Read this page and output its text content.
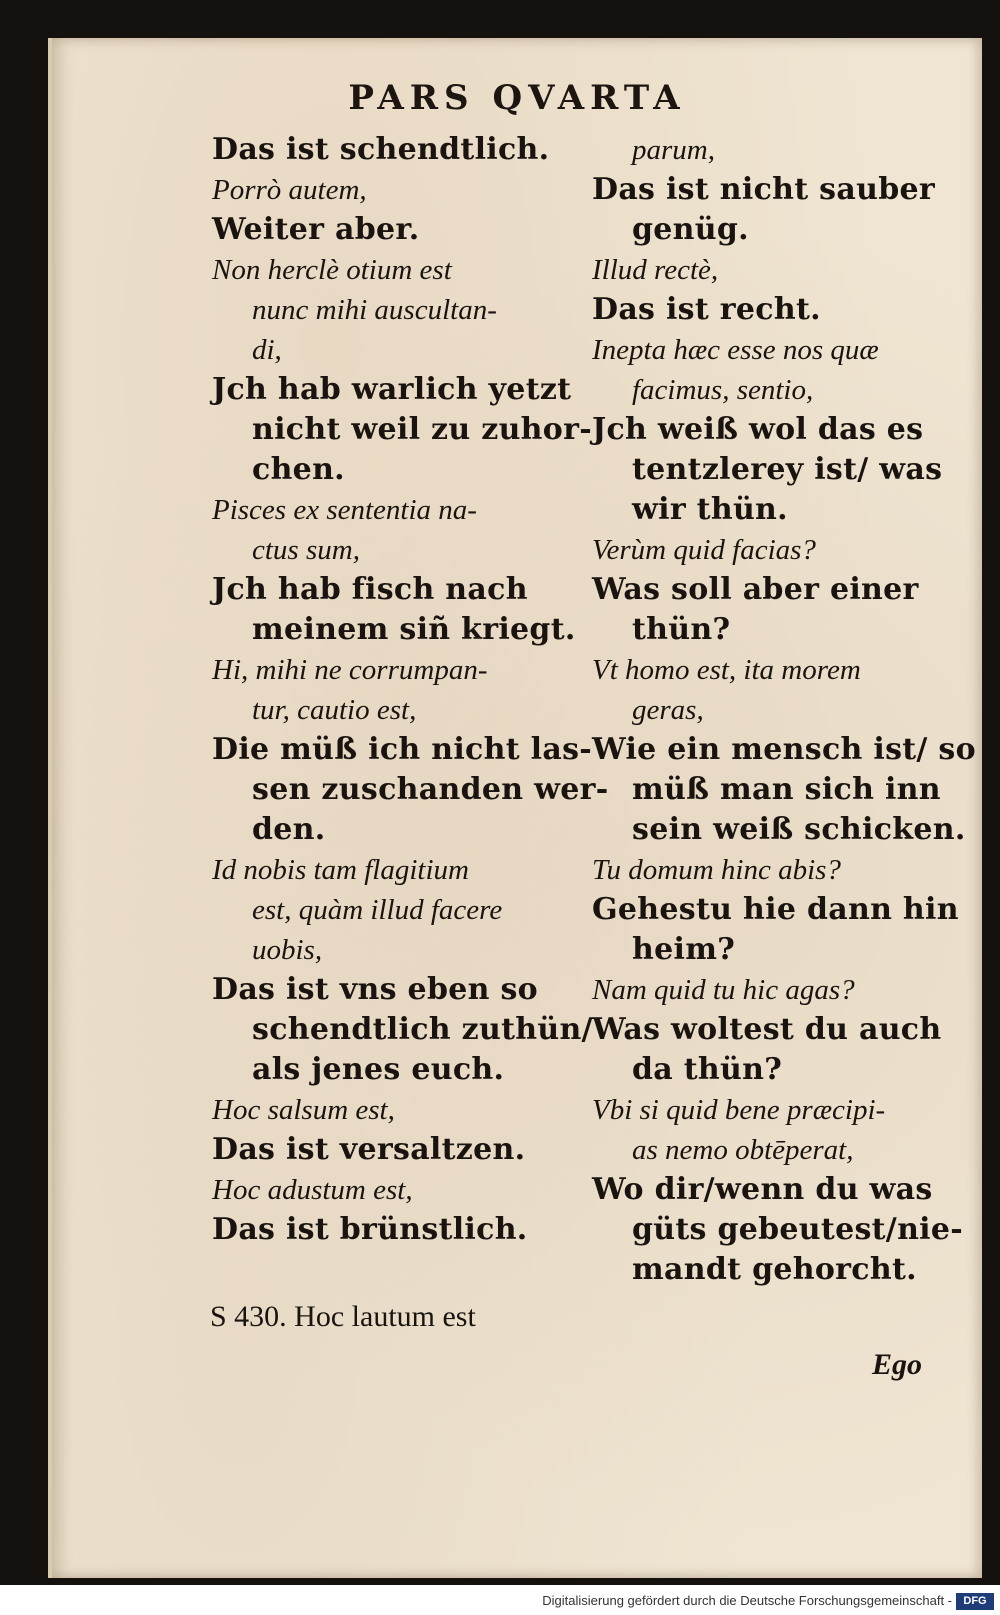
PARS QVARTA

Das ist schendtlich.

Porrò autem,

Weiter aber.

Non herclè otium est

nunc mihi auscultan-

di,

Jch hab warlich yetzt

nicht weil zu zuhor-

chen.

Pisces ex sententia na-

ctus sum,

Jch hab fisch nach

meinem siñ kriegt.

Hi, mihi ne corrumpan-

tur, cautio est,

Die müß ich nicht las-

sen zuschanden wer-

den.

Id nobis tam flagitium

est, quàm illud facere

uobis,

Das ist vns eben so

schendtlich zuthün/

als jenes euch.

Hoc salsum est,

Das ist versaltzen.

Hoc adustum est,

Das ist brünstlich.

parum,

Das ist nicht sauber

genüg.

Illud rectè,

Das ist recht.

Inepta hæc esse nos quæ

facimus, sentio,

Jch weiß wol das es

tentzlerey ist/ was

wir thün.

Verùm quid facias?

Was soll aber einer

thün?

Vt homo est, ita morem

geras,

Wie ein mensch ist/ so

müß man sich inn

sein weiß schicken.

Tu domum hinc abis?

Gehestu hie dann hin

heim?

Nam quid tu hic agas?

Was woltest du auch

da thün?

Vbi si quid bene præcipi-

as nemo obtēperat,

Wo dir/wenn du was

güts gebeutest/nie-

mandt gehorcht.

S 430. Hoc lautum est
Ego
Digitalisierung gefördert durch die Deutsche Forschungsgemeinschaft -	DFG
